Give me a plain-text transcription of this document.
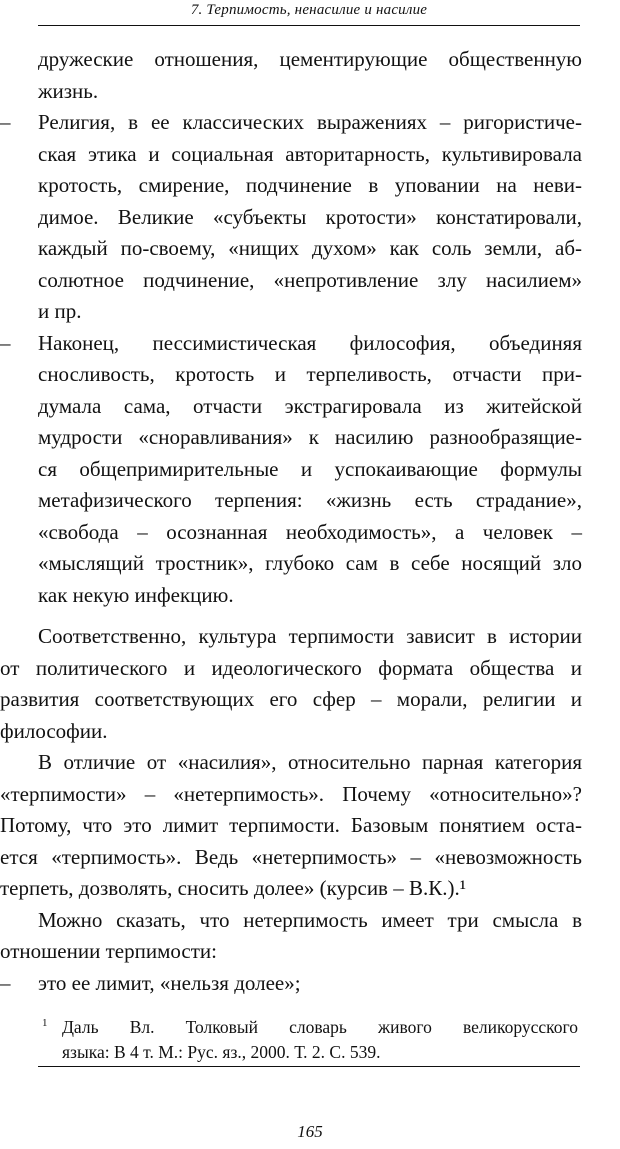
7. Терпимость, ненасилие и насилие
дружеские отношения, цементирующие общественную
жизнь.
–	Религия, в ее классических выражениях – ригористиче-
ская этика и социальная авторитарность, культивировала
кротость, смирение, подчинение в уповании на неви-
димое. Великие «субъекты кротости» констатировали,
каждый по-своему, «нищих духом» как соль земли, аб-
солютное подчинение, «непротивление злу насилием»
и пр.
–	Наконец, пессимистическая философия, объединяя
сносливость, кротость и терпеливость, отчасти при-
думала сама, отчасти экстрагировала из житейской
мудрости «сноравливания» к насилию разнообразящие-
ся общепримирительные и успокаивающие формулы
метафизического терпения: «жизнь есть страдание»,
«свобода – осознанная необходимость», а человек –
«мыслящий тростник», глубоко сам в себе носящий зло
как некую инфекцию.
Соответственно, культура терпимости зависит в истории
от политического и идеологического формата общества и
развития соответствующих его сфер – морали, религии и
философии.
В отличие от «насилия», относительно парная категория
«терпимости» – «нетерпимость». Почему «относительно»?
Потому, что это лимит терпимости. Базовым понятием оста-
ется «терпимость». Ведь «нетерпимость» – «невозможность
терпеть, дозволять, сносить долее» (курсив – В.К.).¹
Можно сказать, что нетерпимость имеет три смысла в
отношении терпимости:
–	это ее лимит, «нельзя долее»;
1 Даль Вл. Толковый словарь живого великорусского
языка: В 4 т. М.: Рус. яз., 2000. Т. 2. С. 539.
165
